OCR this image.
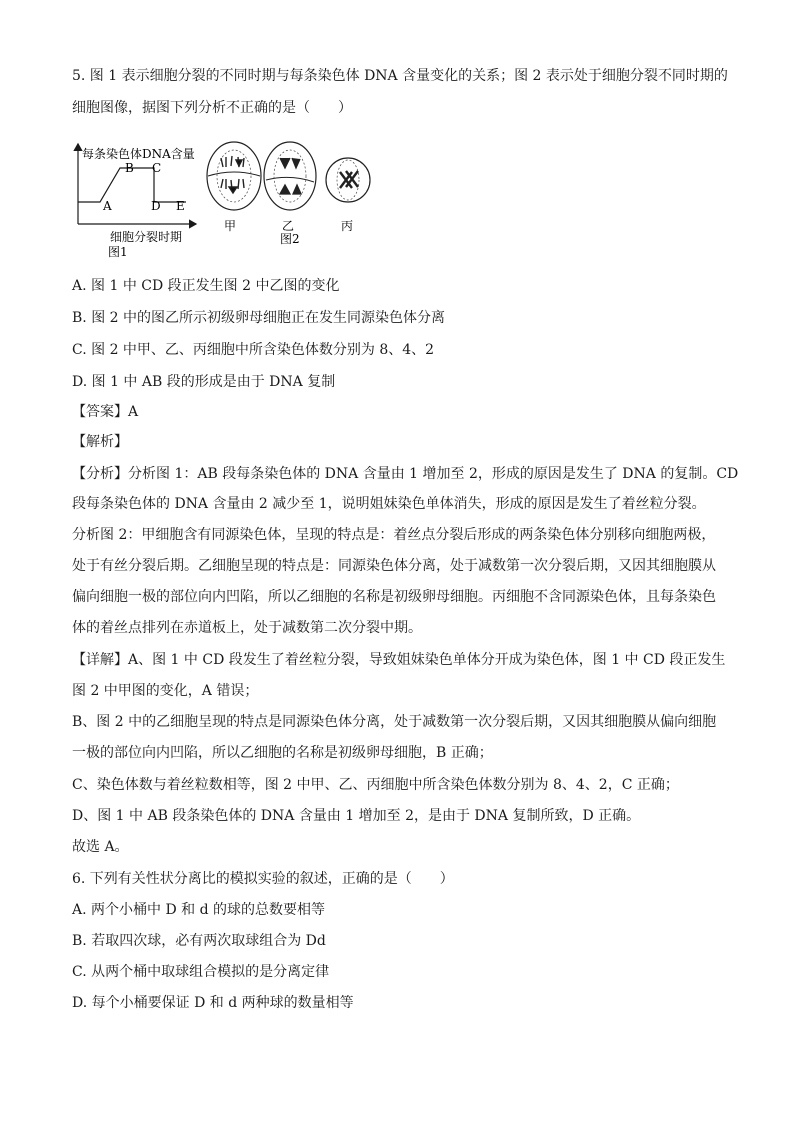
5. 图 1 表示细胞分裂的不同时期与每条染色体 DNA 含量变化的关系；图 2 表示处于细胞分裂不同时期的
细胞图像，据图下列分析不正确的是（　　）
每条染色体DNA含量
A
B C
D E
细胞分裂时期
图1
甲	乙	丙
图2
A. 图 1 中 CD 段正发生图 2 中乙图的变化
B. 图 2 中的图乙所示初级卵母细胞正在发生同源染色体分离
C. 图 2 中甲、乙、丙细胞中所含染色体数分别为 8、4、2
D. 图 1 中 AB 段的形成是由于 DNA 复制
【答案】A
【解析】
【分析】分析图 1：AB 段每条染色体的 DNA 含量由 1 增加至 2，形成的原因是发生了 DNA 的复制。CD
段每条染色体的 DNA 含量由 2 减少至 1，说明姐妹染色单体消失，形成的原因是发生了着丝粒分裂。
分析图 2：甲细胞含有同源染色体，呈现的特点是：着丝点分裂后形成的两条染色体分别移向细胞两极，
处于有丝分裂后期。乙细胞呈现的特点是：同源染色体分离，处于减数第一次分裂后期，又因其细胞膜从
偏向细胞一极的部位向内凹陷，所以乙细胞的名称是初级卵母细胞。丙细胞不含同源染色体，且每条染色
体的着丝点排列在赤道板上，处于减数第二次分裂中期。
【详解】A、图 1 中 CD 段发生了着丝粒分裂，导致姐妹染色单体分开成为染色体，图 1 中 CD 段正发生
图 2 中甲图的变化，A 错误；
B、图 2 中的乙细胞呈现的特点是同源染色体分离，处于减数第一次分裂后期，又因其细胞膜从偏向细胞
一极的部位向内凹陷，所以乙细胞的名称是初级卵母细胞，B 正确；
C、染色体数与着丝粒数相等，图 2 中甲、乙、丙细胞中所含染色体数分别为 8、4、2，C 正确；
D、图 1 中 AB 段条染色体的 DNA 含量由 1 增加至 2，是由于 DNA 复制所致，D 正确。
故选 A。
6. 下列有关性状分离比的模拟实验的叙述，正确的是（　　）
A. 两个小桶中 D 和 d 的球的总数要相等
B. 若取四次球，必有两次取球组合为 Dd
C. 从两个桶中取球组合模拟的是分离定律
D. 每个小桶要保证 D 和 d 两种球的数量相等
